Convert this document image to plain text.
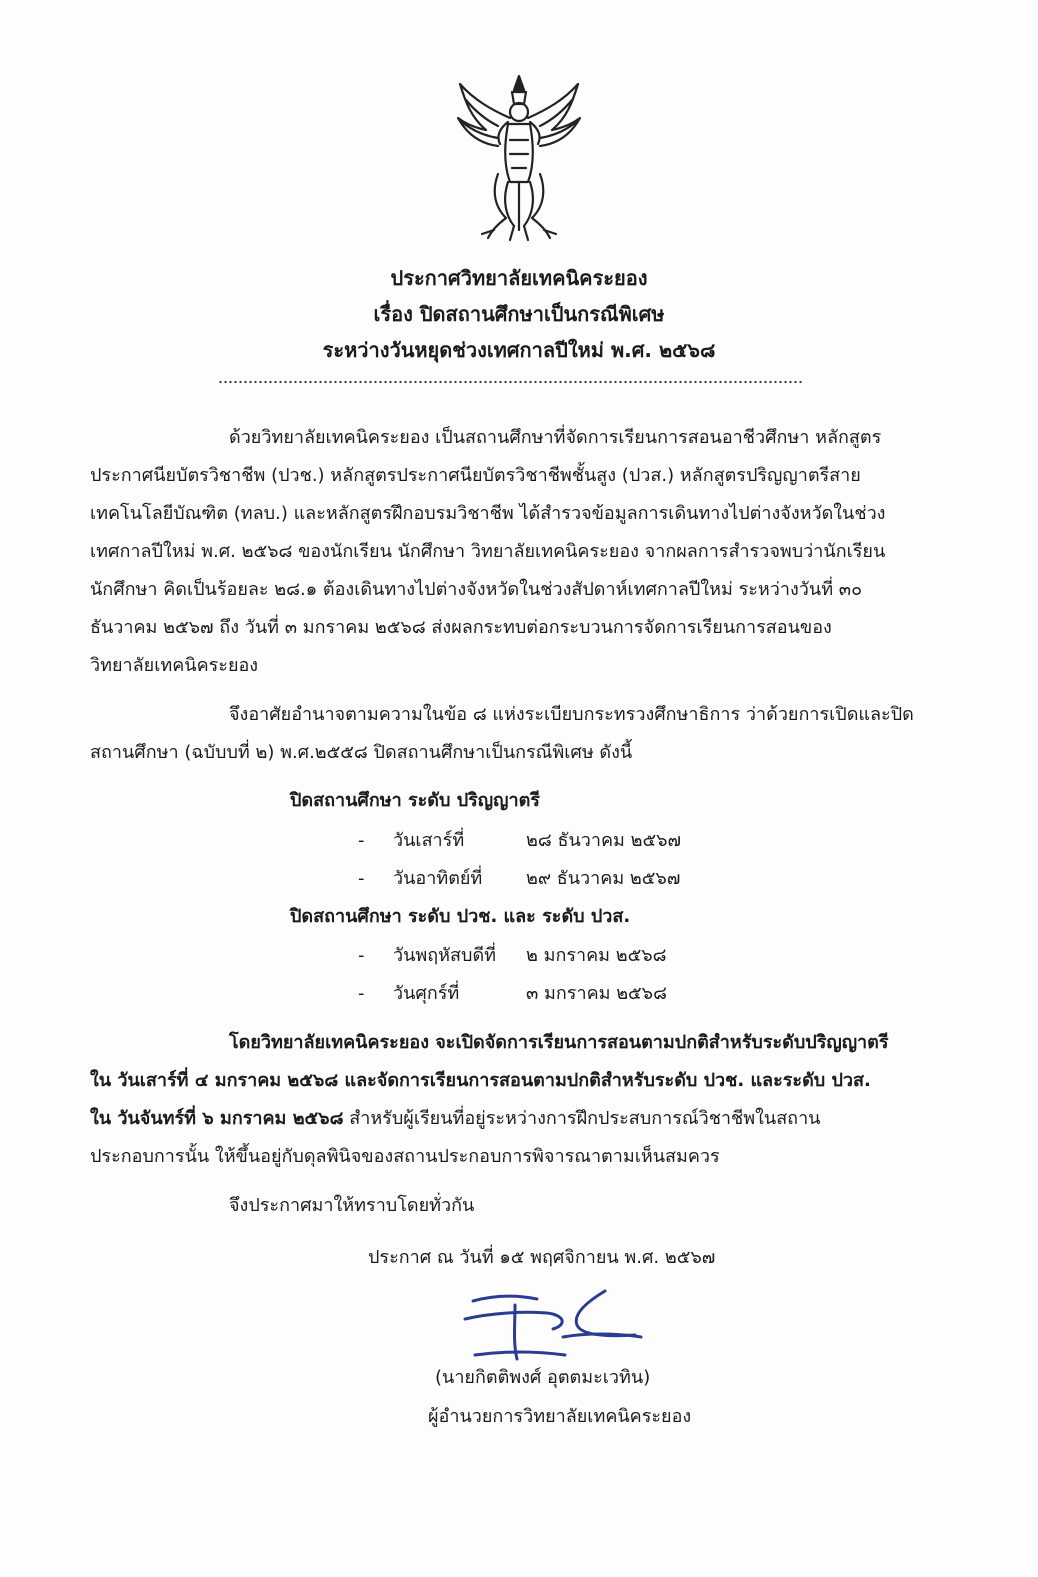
ประกาศวิทยาลัยเทคนิคระยอง
เรื่อง ปิดสถานศึกษาเป็นกรณีพิเศษ
ระหว่างวันหยุดช่วงเทศกาลปีใหม่ พ.ศ. ๒๕๖๘
ด้วยวิทยาลัยเทคนิคระยอง เป็นสถานศึกษาที่จัดการเรียนการสอนอาชีวศึกษา หลักสูตร
ประกาศนียบัตรวิชาชีพ (ปวช.) หลักสูตรประกาศนียบัตรวิชาชีพชั้นสูง (ปวส.) หลักสูตรปริญญาตรีสาย
เทคโนโลยีบัณฑิต (ทลบ.) และหลักสูตรฝึกอบรมวิชาชีพ ได้สำรวจข้อมูลการเดินทางไปต่างจังหวัดในช่วง
เทศกาลปีใหม่ พ.ศ. ๒๕๖๘ ของนักเรียน นักศึกษา วิทยาลัยเทคนิคระยอง จากผลการสำรวจพบว่านักเรียน
นักศึกษา คิดเป็นร้อยละ ๒๘.๑ ต้องเดินทางไปต่างจังหวัดในช่วงสัปดาห์เทศกาลปีใหม่ ระหว่างวันที่ ๓๐
ธันวาคม ๒๕๖๗ ถึง วันที่ ๓ มกราคม ๒๕๖๘ ส่งผลกระทบต่อกระบวนการจัดการเรียนการสอนของ
วิทยาลัยเทคนิคระยอง
จึงอาศัยอำนาจตามความในข้อ ๘ แห่งระเบียบกระทรวงศึกษาธิการ ว่าด้วยการเปิดและปิด
สถานศึกษา (ฉบับบที่ ๒) พ.ศ.๒๕๕๘ ปิดสถานศึกษาเป็นกรณีพิเศษ ดังนี้
ปิดสถานศึกษา ระดับ ปริญญาตรี
- วันเสาร์ที่	๒๘ ธันวาคม ๒๕๖๗
- วันอาทิตย์ที่ ๒๙ ธันวาคม ๒๕๖๗
ปิดสถานศึกษา ระดับ ปวช. และ ระดับ ปวส.
- วันพฤหัสบดีที่ ๒ มกราคม ๒๕๖๘
- วันศุกร์ที่	๓ มกราคม ๒๕๖๘
โดยวิทยาลัยเทคนิคระยอง จะเปิดจัดการเรียนการสอนตามปกติสำหรับระดับปริญญาตรี
ใน วันเสาร์ที่ ๔ มกราคม ๒๕๖๘ และจัดการเรียนการสอนตามปกติสำหรับระดับ ปวช. และระดับ ปวส.
ใน วันจันทร์ที่ ๖ มกราคม ๒๕๖๘ สำหรับผู้เรียนที่อยู่ระหว่างการฝึกประสบการณ์วิชาชีพในสถาน
ประกอบการนั้น ให้ขึ้นอยู่กับดุลพินิจของสถานประกอบการพิจารณาตามเห็นสมควร
จึงประกาศมาให้ทราบโดยทั่วกัน
ประกาศ ณ วันที่ ๑๕ พฤศจิกายน พ.ศ. ๒๕๖๗
(นายกิตติพงศ์ อุตตมะเวทิน)
ผู้อำนวยการวิทยาลัยเทคนิคระยอง
